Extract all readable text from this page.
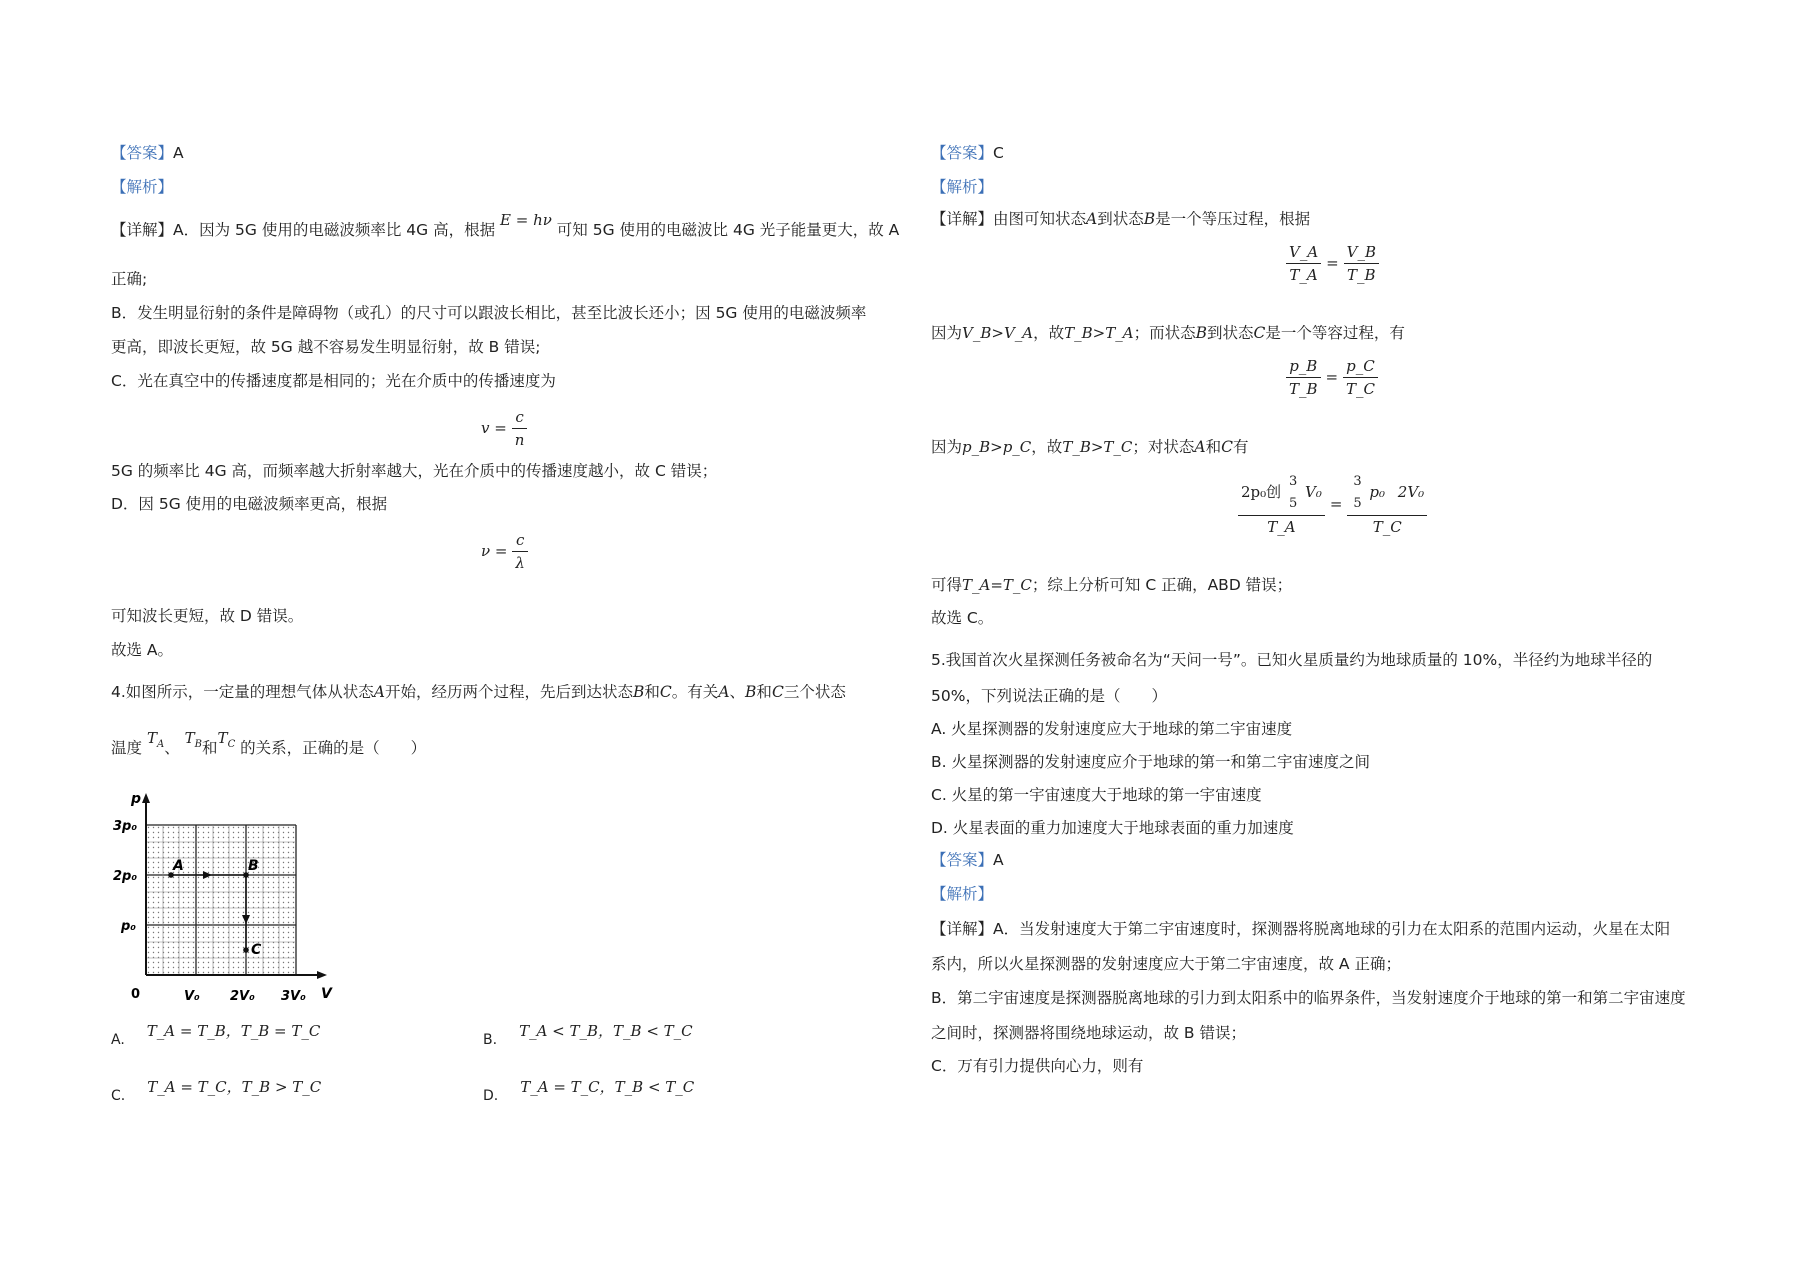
【答案】A
【解析】
【详解】A．因为 5G 使用的电磁波频率比 4G 高，根据 E = hν 可知 5G 使用的电磁波比 4G 光子能量更大，故 A
正确;
B．发生明显衍射的条件是障碍物（或孔）的尺寸可以跟波长相比，甚至比波长还小；因 5G 使用的电磁波频率
更高，即波长更短，故 5G 越不容易发生明显衍射，故 B 错误;
C．光在真空中的传播速度都是相同的；光在介质中的传播速度为
$v = \frac{c}{n}$
5G 的频率比 4G 高，而频率越大折射率越大，光在介质中的传播速度越小，故 C 错误；
D．因 5G 使用的电磁波频率更高，根据
$\nu = \frac{c}{\lambda}$
可知波长更短，故 D 错误。
故选 A。
4.如图所示，一定量的理想气体从状态A开始，经历两个过程，先后到达状态B和C。有关A、B和C三个状态
温度 $T_A$、 $T_B$和$T_C$ 的关系，正确的是（　　）
p
V
0
3p₀
2p₀
p₀
V₀ 2V₀ 3V₀
A	B
C
A. T_A = T_B，T_B = T_C	B. T_A < T_B，T_B < T_C
C. T_A = T_C，T_B > T_C	D. T_A = T_C，T_B < T_C
【答案】C
【解析】
【详解】由图可知状态A到状态B是一个等压过程，根据
$\frac{V\_A}{T\_A} = \frac{V\_B}{T\_B}$
因为V_B>V_A，故T_B>T_A；而状态B到状态C是一个等容过程，有
$\frac{p\_B}{T\_B} = \frac{p\_C}{T\_C}$
因为p_B>p_C，故T_B>T_C；对状态A和C有
2p₀创
3
5
V₀
T_A = 3
5
p₀ 2V₀
T_C
可得T_A=T_C；综上分析可知 C 正确，ABD 错误；
故选 C。
5.我国首次火星探测任务被命名为“天问一号”。已知火星质量约为地球质量的 10%，半径约为地球半径的
50%，下列说法正确的是（　　）
A. 火星探测器的发射速度应大于地球的第二宇宙速度
B. 火星探测器的发射速度应介于地球的第一和第二宇宙速度之间
C. 火星的第一宇宙速度大于地球的第一宇宙速度
D. 火星表面的重力加速度大于地球表面的重力加速度
【答案】A
【解析】
【详解】A．当发射速度大于第二宇宙速度时，探测器将脱离地球的引力在太阳系的范围内运动，火星在太阳
系内，所以火星探测器的发射速度应大于第二宇宙速度，故 A 正确；
B．第二宇宙速度是探测器脱离地球的引力到太阳系中的临界条件，当发射速度介于地球的第一和第二宇宙速度
之间时，探测器将围绕地球运动，故 B 错误；
C．万有引力提供向心力，则有
